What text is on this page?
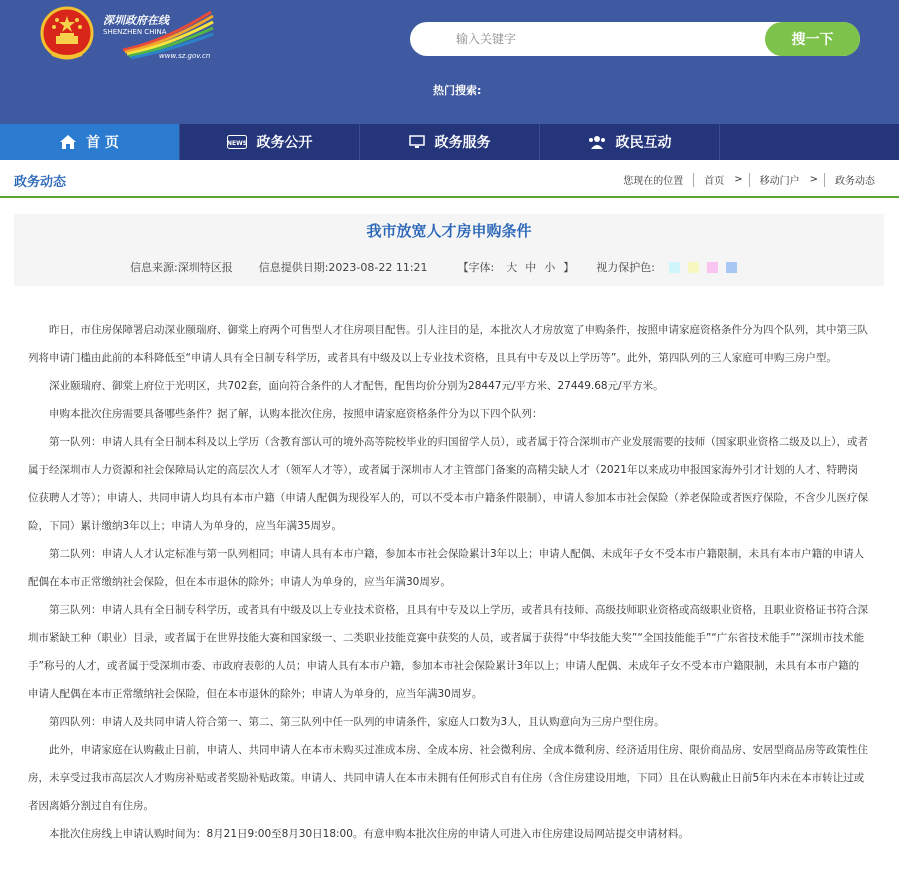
深圳政府在线
SHENZHEN CHINA
www.sz.gov.cn
输入关键字
搜一下
热门搜索:
首 页	NEWS 政务公开	政务服务	政民互动
政务动态	您现在的位置	首页	>	移动门户	>	政务动态
我市放宽人才房申购条件
信息来源:深圳特区报 信息提供日期:2023-08-22 11:21	【字体: 大 中 小 】 视力保护色:

昨日，市住房保障署启动深业颐瑞府、御棠上府两个可售型人才住房项目配售。引人注目的是，本批次人才房放宽了申购条件，按照申请家庭资格条件分为四个队列，其中第三队列将申请门槛由此前的本科降低至“申请人具有全日制专科学历，或者具有中级及以上专业技术资格，且具有中专及以上学历等”。此外，第四队列的三人家庭可申购三房户型。

深业颐瑞府、御棠上府位于光明区，共702套，面向符合条件的人才配售，配售均价分别为28447元/平方米、27449.68元/平方米。

申购本批次住房需要具备哪些条件？据了解，认购本批次住房，按照申请家庭资格条件分为以下四个队列：

第一队列：申请人具有全日制本科及以上学历（含教育部认可的境外高等院校毕业的归国留学人员），或者属于符合深圳市产业发展需要的技师（国家职业资格二级及以上），或者属于经深圳市人力资源和社会保障局认定的高层次人才（领军人才等），或者属于深圳市人才主管部门备案的高精尖缺人才（2021年以来成功申报国家海外引才计划的人才、特聘岗位获聘人才等）；申请人、共同申请人均具有本市户籍（申请人配偶为现役军人的，可以不受本市户籍条件限制），申请人参加本市社会保险（养老保险或者医疗保险，不含少儿医疗保险，下同）累计缴纳3年以上；申请人为单身的，应当年满35周岁。

第二队列：申请人人才认定标准与第一队列相同；申请人具有本市户籍，参加本市社会保险累计3年以上；申请人配偶、未成年子女不受本市户籍限制，未具有本市户籍的申请人配偶在本市正常缴纳社会保险，但在本市退休的除外；申请人为单身的，应当年满30周岁。

第三队列：申请人具有全日制专科学历，或者具有中级及以上专业技术资格，且具有中专及以上学历，或者具有技师、高级技师职业资格或高级职业资格，且职业资格证书符合深圳市紧缺工种（职业）目录，或者属于在世界技能大赛和国家级一、二类职业技能竞赛中获奖的人员，或者属于获得“中华技能大奖”“全国技能能手”“广东省技术能手”“深圳市技术能手”称号的人才，或者属于受深圳市委、市政府表彰的人员；申请人具有本市户籍，参加本市社会保险累计3年以上；申请人配偶、未成年子女不受本市户籍限制，未具有本市户籍的申请人配偶在本市正常缴纳社会保险，但在本市退休的除外；申请人为单身的，应当年满30周岁。

第四队列：申请人及共同申请人符合第一、第二、第三队列中任一队列的申请条件，家庭人口数为3人，且认购意向为三房户型住房。

此外，申请家庭在认购截止日前，申请人、共同申请人在本市未购买过准成本房、全成本房、社会微利房、全成本微利房、经济适用住房、限价商品房、安居型商品房等政策性住房，未享受过我市高层次人才购房补贴或者奖励补贴政策。申请人、共同申请人在本市未拥有任何形式自有住房（含住房建设用地，下同）且在认购截止日前5年内未在本市转让过或者因离婚分割过自有住房。

本批次住房线上申请认购时间为：8月21日9:00至8月30日18:00。有意申购本批次住房的申请人可进入市住房建设局网站提交申请材料。
